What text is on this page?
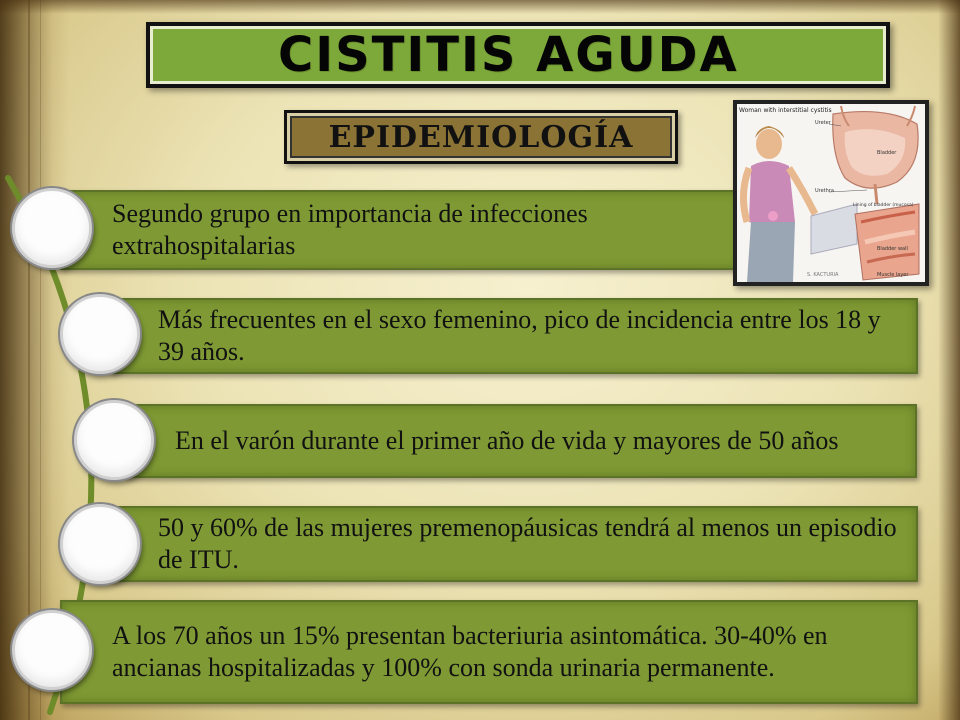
CISTITIS AGUDA
EPIDEMIOLOGÍA

Segundo grupo en importancia de infecciones extrahospitalarias

Más frecuentes en el sexo femenino, pico de incidencia entre los 18 y 39 años.

En el varón durante el primer año de vida y mayores de 50 años

50 y 60% de las mujeres premenopáusicas tendrá al menos un episodio de ITU.

A los 70 años un 15% presentan bacteriuria asintomática. 30-40% en ancianas hospitalizadas y 100% con sonda urinaria permanente.

Woman with interstitial cystitis
Ureter
Bladder
Urethra
Lining of bladder (mucosa)
Bladder wall
Muscle layer
S. KACTURIA
